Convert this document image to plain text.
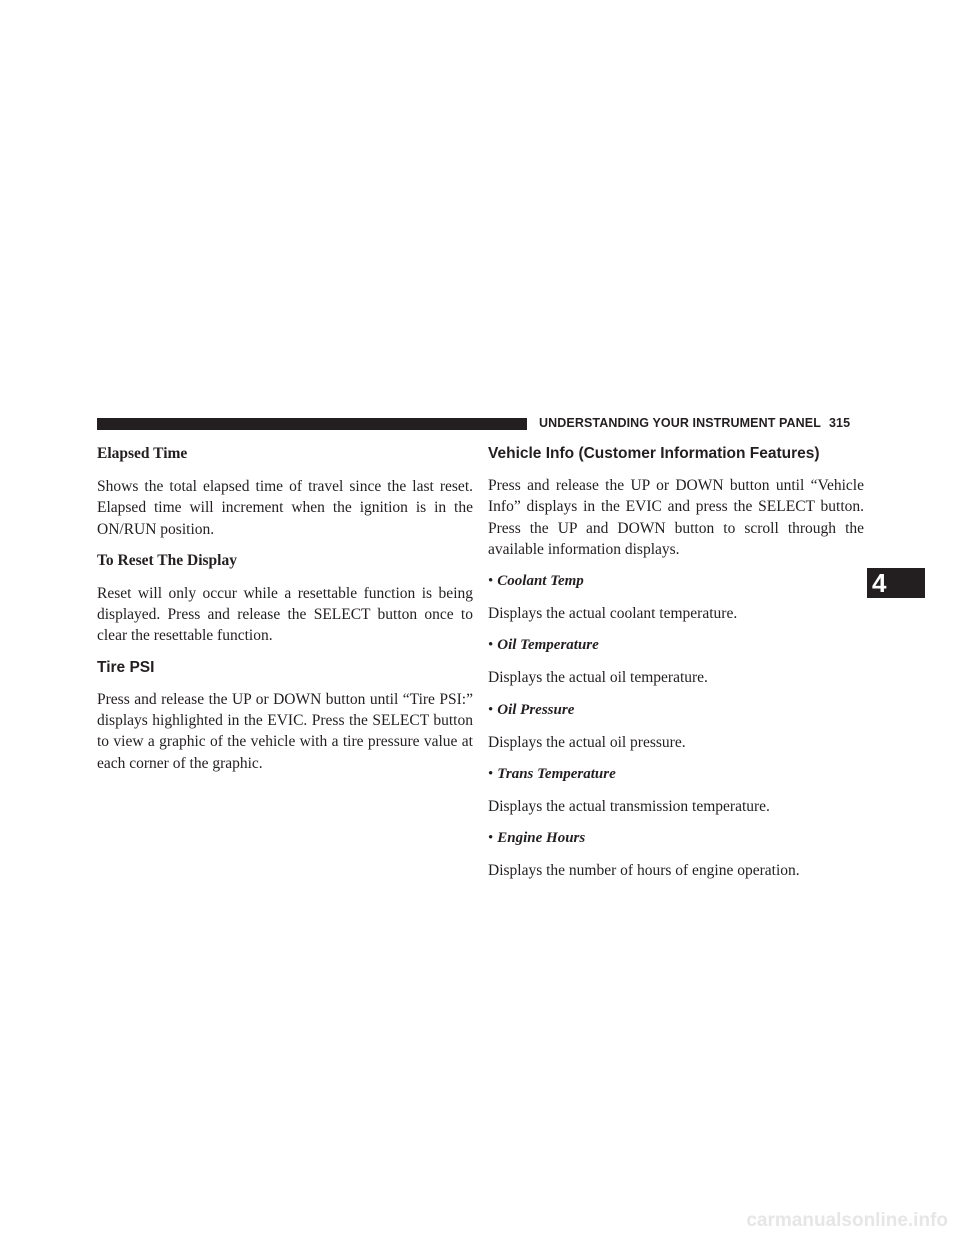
UNDERSTANDING YOUR INSTRUMENT PANEL 315
Elapsed Time

Shows the total elapsed time of travel since the last reset. Elapsed time will increment when the ignition is in the ON/RUN position.

To Reset The Display

Reset will only occur while a resettable function is being displayed. Press and release the SELECT button once to clear the resettable function.

Tire PSI

Press and release the UP or DOWN button until “Tire PSI:” displays highlighted in the EVIC. Press the SELECT button to view a graphic of the vehicle with a tire pressure value at each corner of the graphic.

Vehicle Info (Customer Information Features)

Press and release the UP or DOWN button until “Vehicle Info” displays in the EVIC and press the SELECT button. Press the UP and DOWN button to scroll through the available information displays.

• Coolant Temp

Displays the actual coolant temperature.

• Oil Temperature

Displays the actual oil temperature.

• Oil Pressure

Displays the actual oil pressure.

• Trans Temperature

Displays the actual transmission temperature.

• Engine Hours

Displays the number of hours of engine operation.

4
carmanualsonline.info
